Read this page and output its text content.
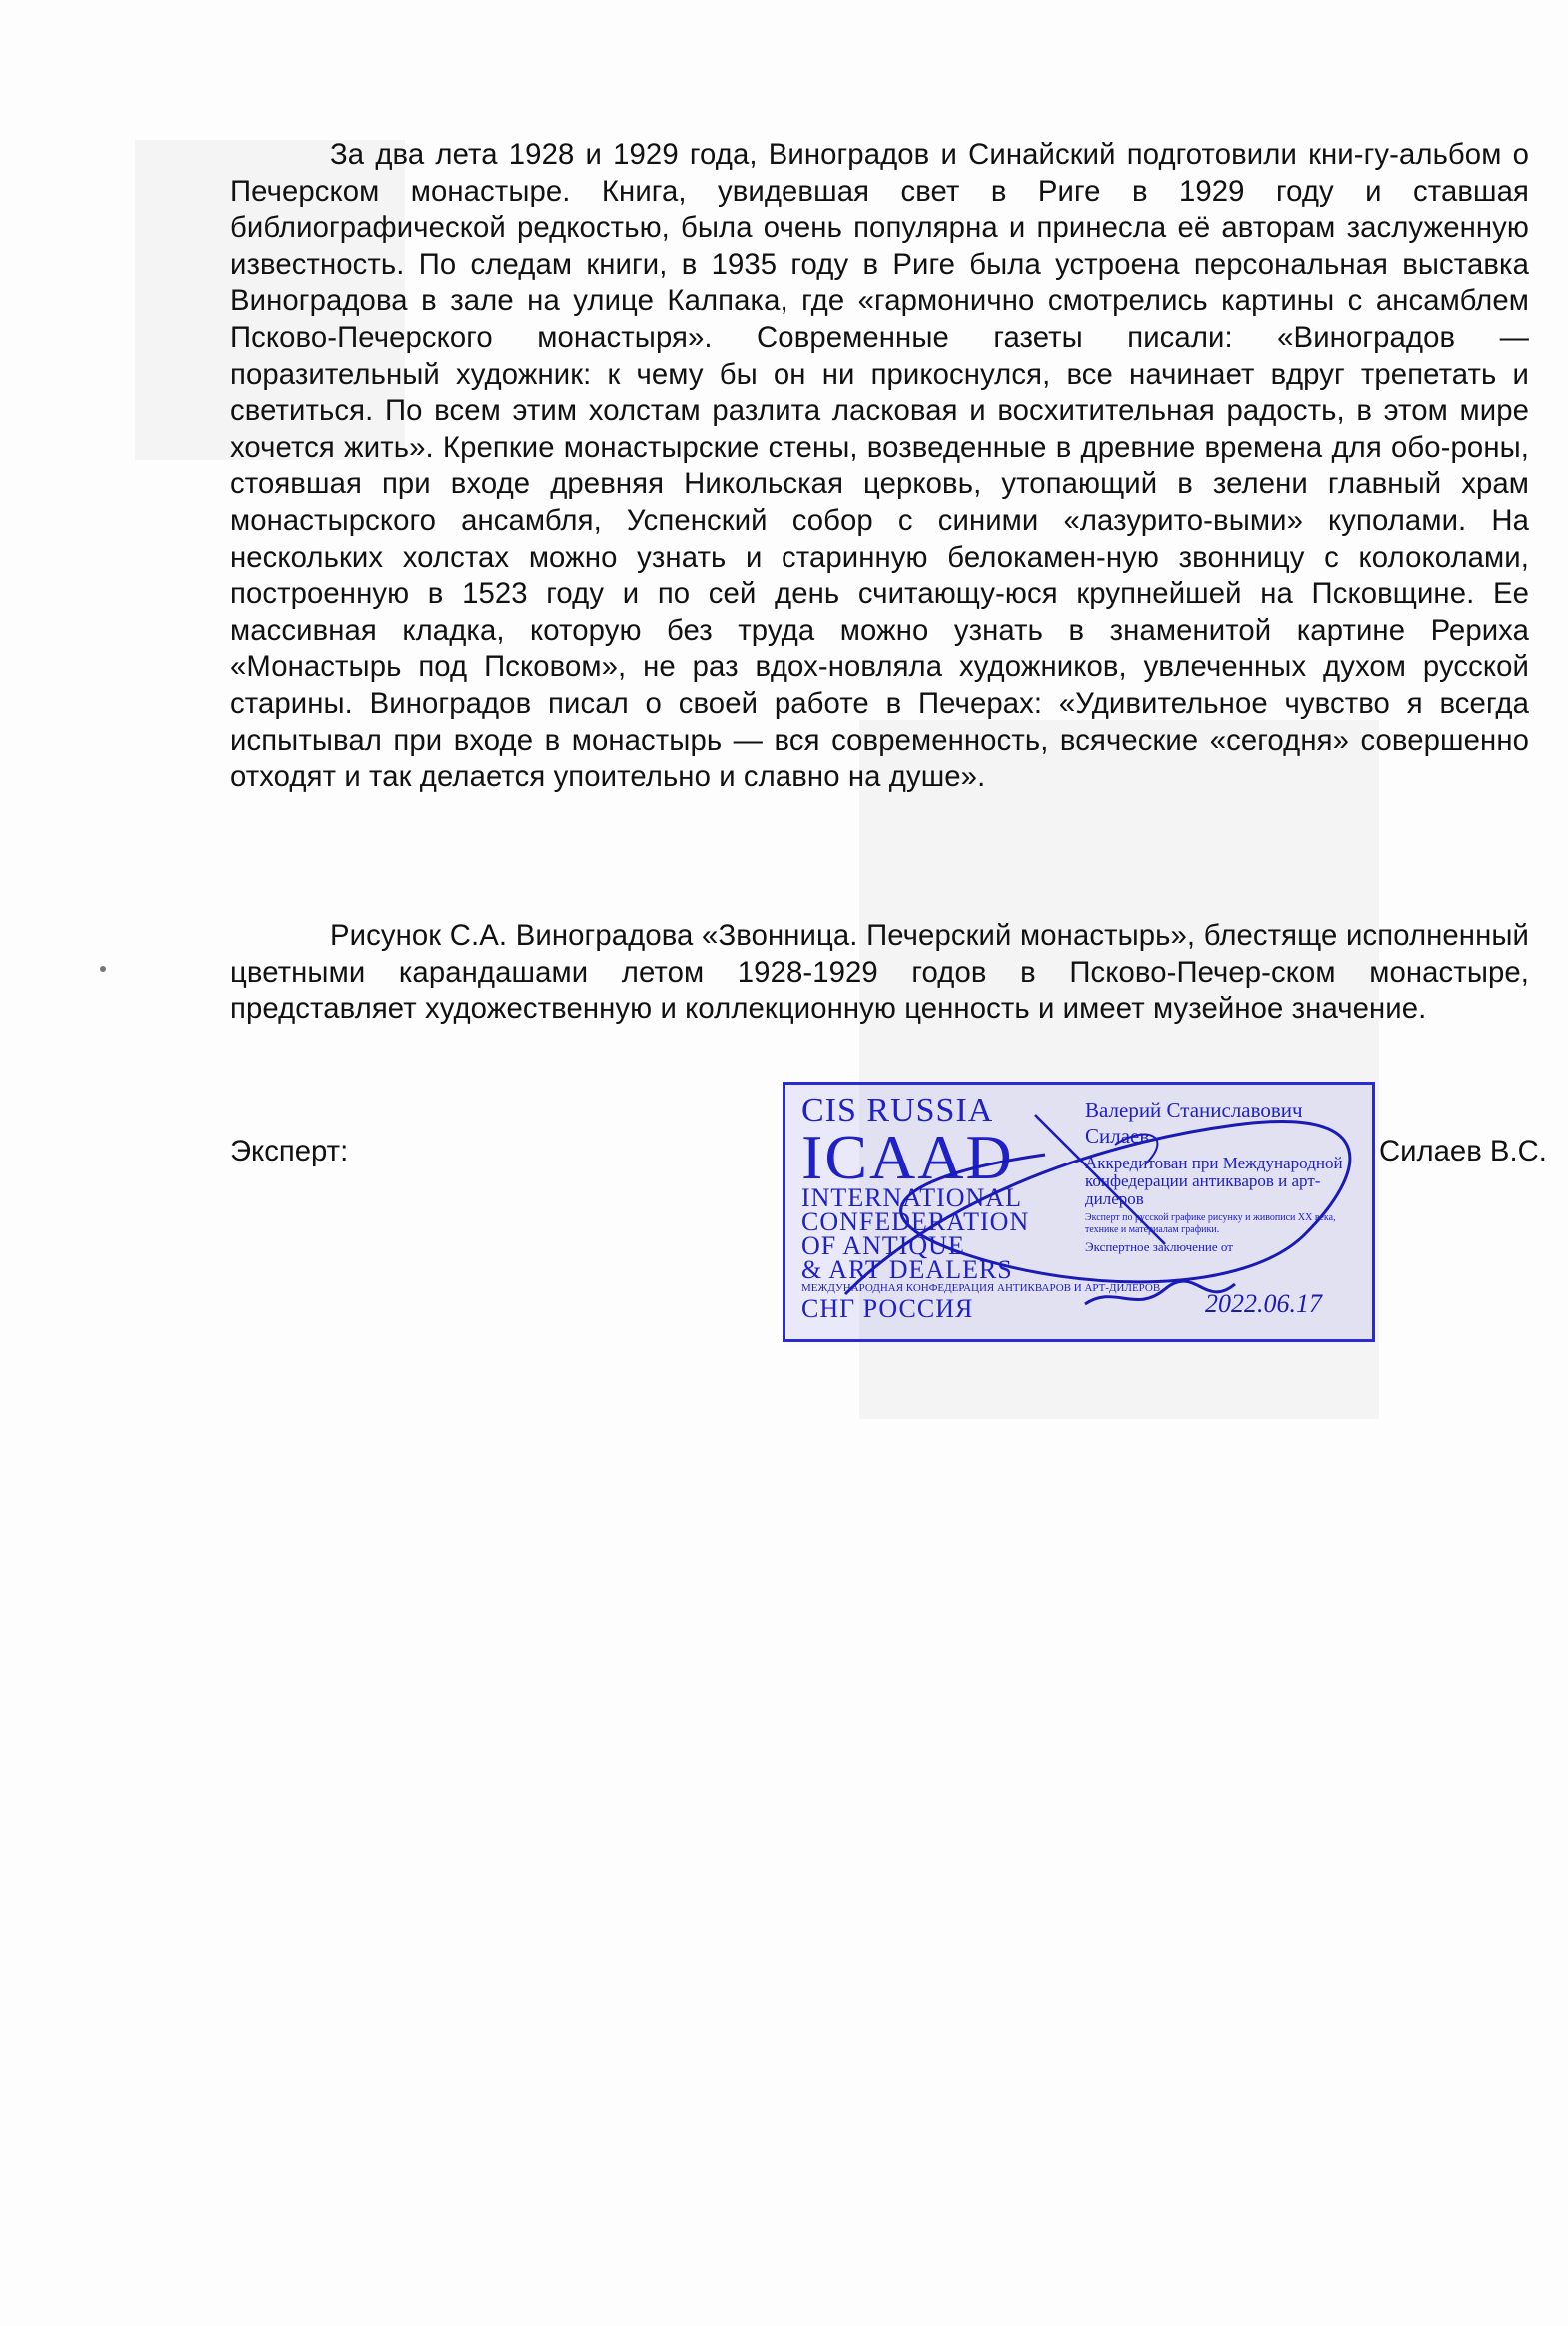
За два лета 1928 и 1929 года, Виноградов и Синайский подготовили кни-гу-альбом о Печерском монастыре. Книга, увидевшая свет в Риге в 1929 году и ставшая библиографической редкостью, была очень популярна и принесла её авторам заслуженную известность. По следам книги, в 1935 году в Риге была устроена персональная выставка Виноградова в зале на улице Калпака, где «гармонично смотрелись картины с ансамблем Псково-Печерского монастыря». Современные газеты писали: «Виноградов — поразительный художник: к чему бы он ни прикоснулся, все начинает вдруг трепетать и светиться. По всем этим холстам разлита ласковая и восхитительная радость, в этом мире хочется жить». Крепкие монастырские стены, возведенные в древние времена для обо-роны, стоявшая при входе древняя Никольская церковь, утопающий в зелени главный храм монастырского ансамбля, Успенский собор с синими «лазурито-выми» куполами. На нескольких холстах можно узнать и старинную белокамен-ную звонницу с колоколами, построенную в 1523 году и по сей день считающу-юся крупнейшей на Псковщине. Ее массивная кладка, которую без труда можно узнать в знаменитой картине Рериха «Монастырь под Псковом», не раз вдох-новляла художников, увлеченных духом русской старины. Виноградов писал о своей работе в Печерах: «Удивительное чувство я всегда испытывал при входе в монастырь — вся современность, всяческие «сегодня» совершенно отходят и так делается упоительно и славно на душе».
Рисунок С.А. Виноградова «Звонница. Печерский монастырь», блестяще исполненный цветными карандашами летом 1928-1929 годов в Псково-Печер-ском монастыре, представляет художественную и коллекционную ценность и имеет музейное значение.
Эксперт:
CIS RUSSIA
ICAAD
INTERNATIONAL
CONFEDERATION
OF ANTIQUE
& ART DEALERS
МЕЖДУНАРОДНАЯ КОНФЕДЕРАЦИЯ АНТИКВАРОВ И АРТ-ДИЛЕРОВ
СНГ РОССИЯ
Валерий Станиславович
Силаев
Аккредитован при Международной конфедерации антикваров и арт-дилеров
Эксперт по русской графике рисунку и живописи XX века, технике и материалам графики.
Экспертное заключение от
2022.06.17
Силаев В.С.
